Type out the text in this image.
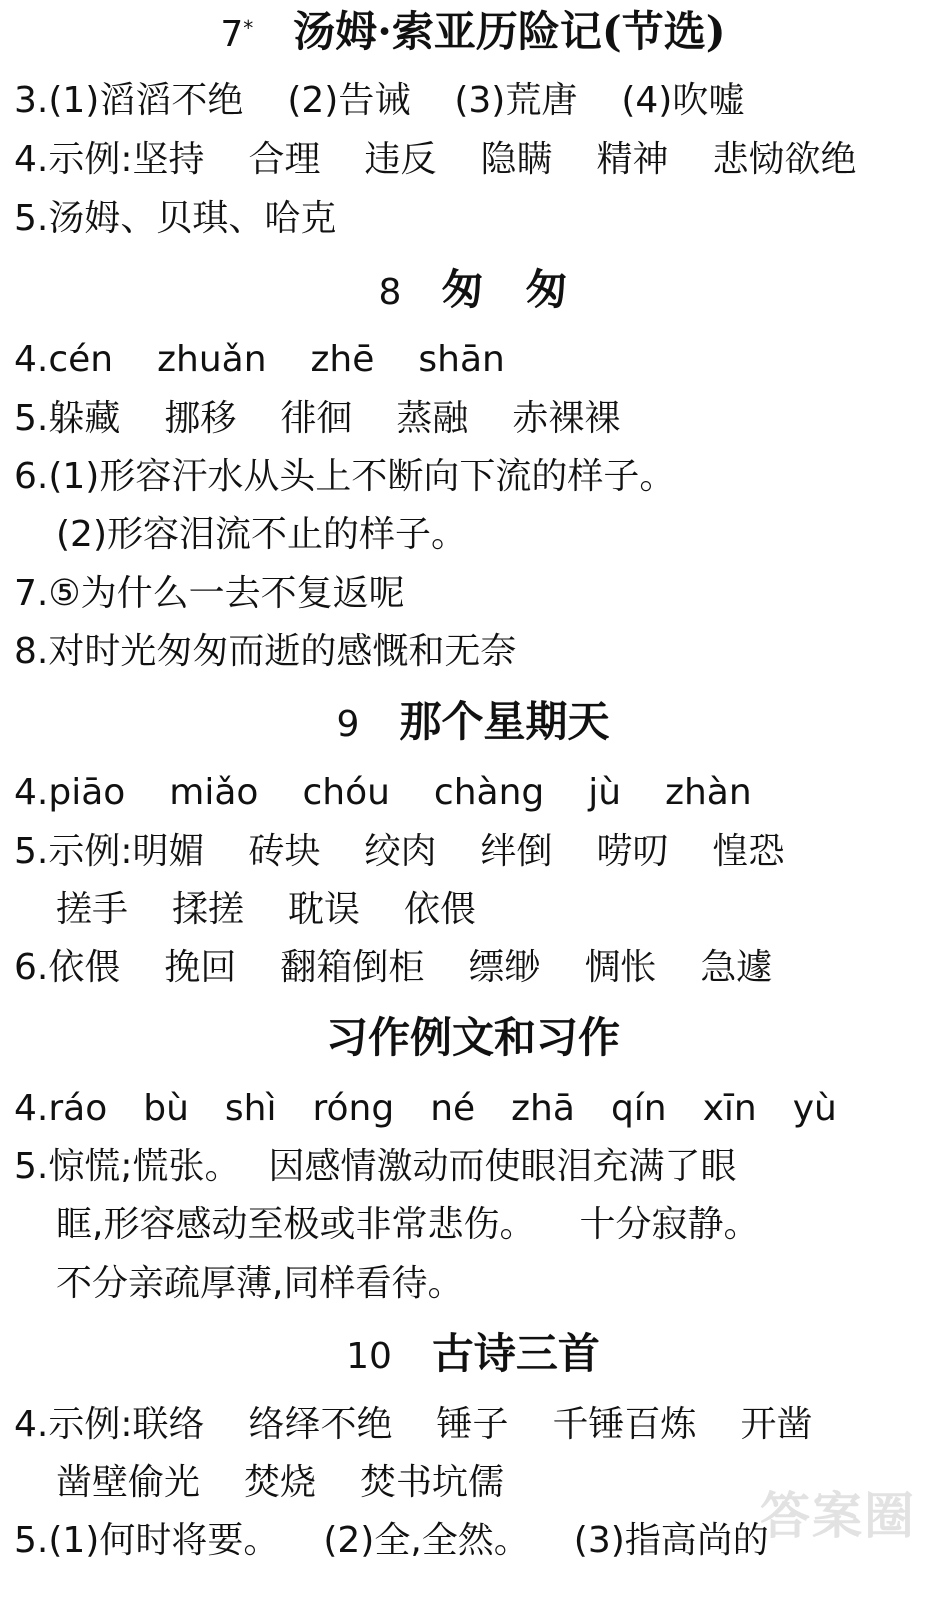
7* 汤姆·索亚历险记(节选)
3.(1)滔滔不绝 (2)告诫 (3)荒唐 (4)吹嘘
4.示例:坚持 合理 违反 隐瞒 精神 悲恸欲绝
5.汤姆、贝琪、哈克
8 匆　匆
4.cén zhuǎn zhē shān
5.躲藏 挪移 徘徊 蒸融 赤裸裸
6.(1)形容汗水从头上不断向下流的样子。
(2)形容泪流不止的样子。
7.⑤为什么一去不复返呢
8.对时光匆匆而逝的感慨和无奈
9 那个星期天
4.piāo miǎo chóu chàng jù zhàn
5.示例:明媚 砖块 绞肉 绊倒 唠叨 惶恐
搓手 揉搓 耽误 依偎
6.依偎 挽回 翻箱倒柜 缥缈 惆怅 急遽
习作例文和习作
4.ráo bù shì róng né zhā qín xīn yù
5.惊慌;慌张。 因感情激动而使眼泪充满了眼
眶,形容感动至极或非常悲伤。 十分寂静。
不分亲疏厚薄,同样看待。
10 古诗三首
4.示例:联络 络绎不绝 锤子 千锤百炼 开凿
凿壁偷光 焚烧 焚书坑儒
5.(1)何时将要。 (2)全,全然。 (3)指高尚的
答案圈
